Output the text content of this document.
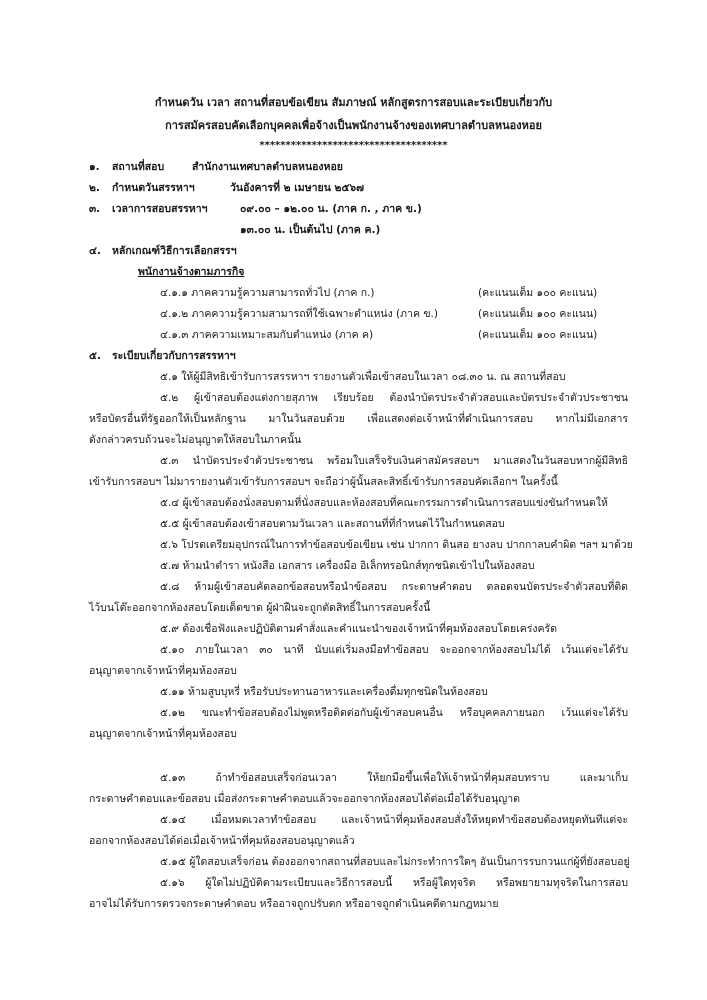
กำหนดวัน เวลา สถานที่สอบข้อเขียน สัมภาษณ์ หลักสูตรการสอบและระเบียบเกี่ยวกับ
การสมัครสอบคัดเลือกบุคคลเพื่อจ้างเป็นพนักงานจ้างของเทศบาลตำบลหนองหอย
************************************
๑. สถานที่สอบ	สำนักงานเทศบาลตำบลหนองหอย
๒. กำหนดวันสรรหาฯ	วันอังคารที่ ๒ เมษายน ๒๕๖๗
๓. เวลาการสอบสรรหาฯ	๐๙.๐๐ – ๑๒.๐๐ น. (ภาค ก. , ภาค ข.)
๑๓.๐๐ น. เป็นต้นไป (ภาค ค.)
๔. หลักเกณฑ์วิธีการเลือกสรรฯ
พนักงานจ้างตามภารกิจ
๔.๑.๑ ภาคความรู้ความสามารถทั่วไป (ภาค ก.)	(คะแนนเต็ม ๑๐๐ คะแนน)
๔.๑.๒ ภาคความรู้ความสามารถที่ใช้เฉพาะตำแหน่ง (ภาค ข.)	(คะแนนเต็ม ๑๐๐ คะแนน)
๔.๑.๓ ภาคความเหมาะสมกับตำแหน่ง (ภาค ค)	(คะแนนเต็ม ๑๐๐ คะแนน)
๕. ระเบียบเกี่ยวกับการสรรหาฯ
๕.๑ ให้ผู้มีสิทธิเข้ารับการสรรหาฯ รายงานตัวเพื่อเข้าสอบในเวลา ๐๘.๓๐ น. ณ สถานที่สอบ
๕.๒ ผู้เข้าสอบต้องแต่งกายสุภาพ เรียบร้อย ต้องนำบัตรประจำตัวสอบและบัตรประจำตัวประชาชน
หรือบัตรอื่นที่รัฐออกให้เป็นหลักฐาน มาในวันสอบด้วย เพื่อแสดงต่อเจ้าหน้าที่ดำเนินการสอบ หากไม่มีเอกสาร
ดังกล่าวครบถ้วนจะไม่อนุญาตให้สอบในภาคนั้น
๕.๓ นำบัตรประจำตัวประชาชน พร้อมใบเสร็จรับเงินค่าสมัครสอบฯ มาแสดงในวันสอบหากผู้มีสิทธิ
เข้ารับการสอบฯ ไม่มารายงานตัวเข้ารับการสอบฯ จะถือว่าผู้นั้นสละสิทธิ์เข้ารับการสอบคัดเลือกฯ ในครั้งนี้
๕.๔ ผู้เข้าสอบต้องนั่งสอบตามที่นั่งสอบและห้องสอบที่คณะกรรมการดำเนินการสอบแข่งขันกำหนดให้
๕.๕ ผู้เข้าสอบต้องเข้าสอบตามวันเวลา และสถานที่ที่กำหนดไว้ในกำหนดสอบ
๕.๖ โปรดเตรียมอุปกรณ์ในการทำข้อสอบข้อเขียน เช่น ปากกา ดินสอ ยางลบ ปากกาลบคำผิด ฯลฯ มาด้วย
๕.๗ ห้ามนำตำรา หนังสือ เอกสาร เครื่องมือ อิเล็กทรอนิกส์ทุกชนิดเข้าไปในห้องสอบ
๕.๘ ห้ามผู้เข้าสอบคัดลอกข้อสอบหรือนำข้อสอบ กระดาษคำตอบ ตลอดจนบัตรประจำตัวสอบที่ติด
ไว้บนโต๊ะออกจากห้องสอบโดยเด็ดขาด ผู้ฝ่าฝืนจะถูกตัดสิทธิ์ในการสอบครั้งนี้
๕.๙ ต้องเชื่อฟังและปฏิบัติตามคำสั่งและคำแนะนำของเจ้าหน้าที่คุมห้องสอบโดยเคร่งครัด
๕.๑๐ ภายในเวลา ๓๐ นาที นับแต่เริ่มลงมือทำข้อสอบ จะออกจากห้องสอบไม่ได้ เว้นแต่จะได้รับ
อนุญาตจากเจ้าหน้าที่คุมห้องสอบ
๕.๑๑ ห้ามสูบบุหรี่ หรือรับประทานอาหารและเครื่องดื่มทุกชนิดในห้องสอบ
๕.๑๒ ขณะทำข้อสอบต้องไม่พูดหรือติดต่อกับผู้เข้าสอบคนอื่น หรือบุคคลภายนอก เว้นแต่จะได้รับ
อนุญาตจากเจ้าหน้าที่คุมห้องสอบ
๕.๑๓ ถ้าทำข้อสอบเสร็จก่อนเวลา ให้ยกมือขึ้นเพื่อให้เจ้าหน้าที่คุมสอบทราบ และมาเก็บ
กระดาษคำตอบและข้อสอบ เมื่อส่งกระดาษคำตอบแล้วจะออกจากห้องสอบได้ต่อเมื่อได้รับอนุญาต
๕.๑๔ เมื่อหมดเวลาทำข้อสอบ และเจ้าหน้าที่คุมห้องสอบสั่งให้หยุดทำข้อสอบต้องหยุดทันทีแต่จะ
ออกจากห้องสอบได้ต่อเมื่อเจ้าหน้าที่คุมห้องสอบอนุญาตแล้ว
๕.๑๕ ผู้ใดสอบเสร็จก่อน ต้องออกจากสถานที่สอบและไม่กระทำการใดๆ อันเป็นการรบกวนแก่ผู้ที่ยังสอบอยู่
๕.๑๖ ผู้ใดไม่ปฏิบัติตามระเบียบและวิธีการสอบนี้ หรือผู้ใดทุจริต หรือพยายามทุจริตในการสอบ
อาจไม่ได้รับการตรวจกระดาษคำตอบ หรืออาจถูกปรับตก หรืออาจถูกดำเนินคดีตามกฎหมาย
